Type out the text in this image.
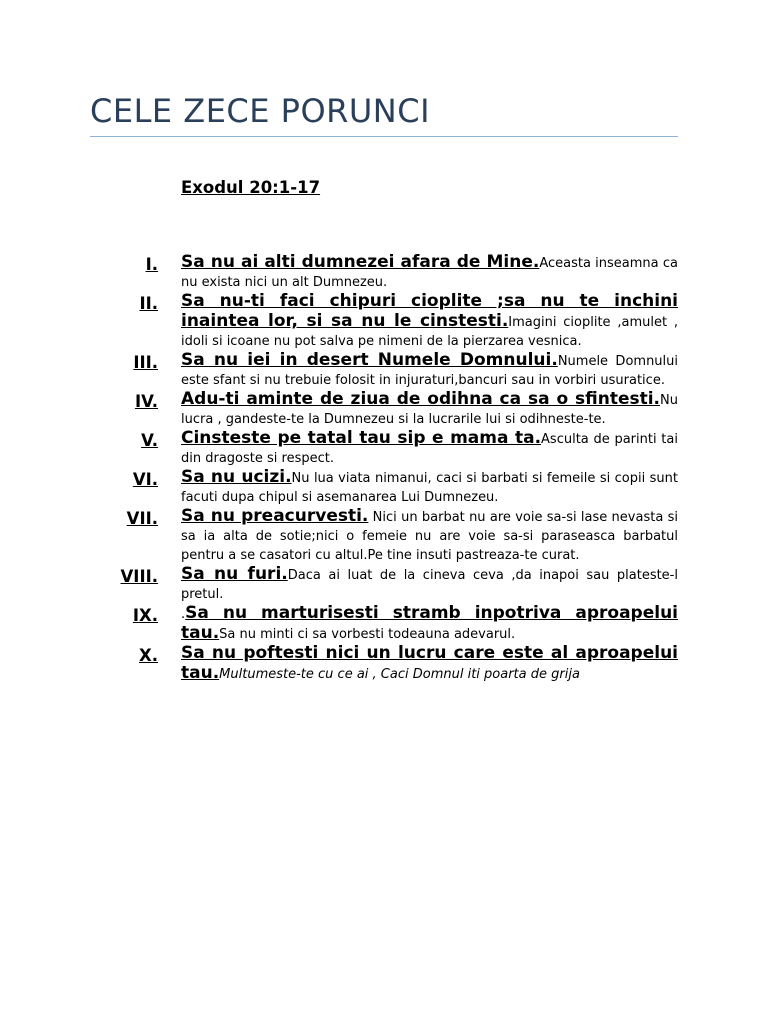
CELE ZECE PORUNCI
Exodul 20:1-17
I. Sa nu ai alti dumnezei afara de Mine.Aceasta inseamna ca nu exista nici un alt Dumnezeu.
II. Sa nu-ti faci chipuri cioplite ;sa nu te inchini inaintea lor, si sa nu le cinstesti.Imagini cioplite ,amulet , idoli si icoane nu pot salva pe nimeni de la pierzarea vesnica.
III. Sa nu iei in desert Numele Domnului.Numele Domnului este sfant si nu trebuie folosit in injuraturi,bancuri sau in vorbiri usuratice.
IV. Adu-ti aminte de ziua de odihna ca sa o sfintesti.Nu lucra , gandeste-te la Dumnezeu si la lucrarile lui si odihneste-te.
V. Cinsteste pe tatal tau sip e mama ta.Asculta de parinti tai din dragoste si respect.
VI. Sa nu ucizi.Nu lua viata nimanui, caci si barbati si femeile si copii sunt facuti dupa chipul si asemanarea Lui Dumnezeu.
VII. Sa nu preacurvesti. Nici un barbat nu are voie sa-si lase nevasta si sa ia alta de sotie;nici o femeie nu are voie sa-si paraseasca barbatul pentru a se casatori cu altul.Pe tine insuti pastreaza-te curat.
VIII. Sa nu furi.Daca ai luat de la cineva ceva ,da inapoi sau plateste-l pretul.
IX. .Sa nu marturisesti stramb inpotriva aproapelui tau.Sa nu minti ci sa vorbesti todeauna adevarul.
X. Sa nu poftesti nici un lucru care este al aproapelui tau.Multumeste-te cu ce ai , Caci Domnul iti poarta de grija
